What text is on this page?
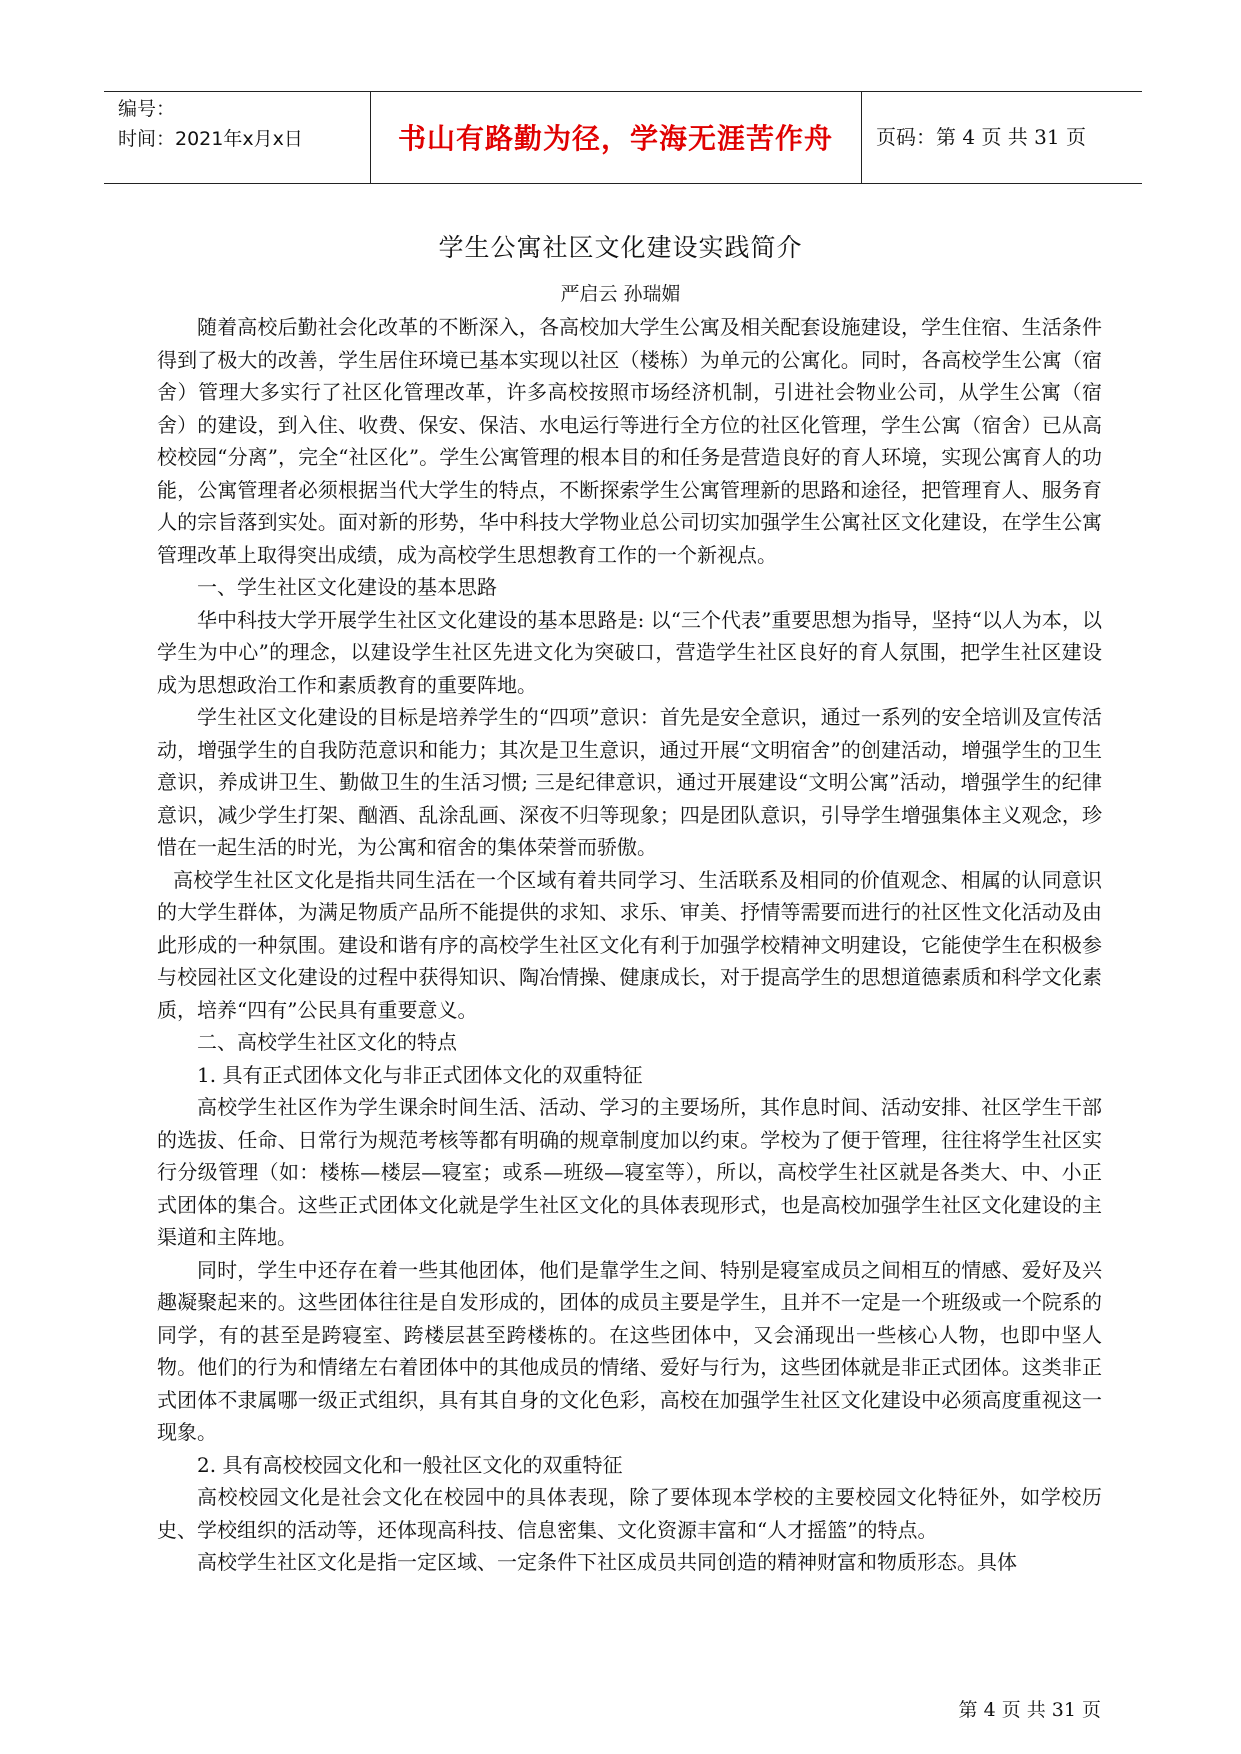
编号：
时间：2021年x月x日	书山有路勤为径，学海无涯苦作舟	页码：第 4 页 共 31 页
学生公寓社区文化建设实践简介
严启云 孙瑞媚

随着高校后勤社会化改革的不断深入，各高校加大学生公寓及相关配套设施建设，学生住宿、生活条件得到了极大的改善，学生居住环境已基本实现以社区（楼栋）为单元的公寓化。同时，各高校学生公寓（宿舍）管理大多实行了社区化管理改革，许多高校按照市场经济机制，引进社会物业公司，从学生公寓（宿舍）的建设，到入住、收费、保安、保洁、水电运行等进行全方位的社区化管理，学生公寓（宿舍）已从高校校园“分离”，完全“社区化”。学生公寓管理的根本目的和任务是营造良好的育人环境，实现公寓育人的功能，公寓管理者必须根据当代大学生的特点，不断探索学生公寓管理新的思路和途径，把管理育人、服务育人的宗旨落到实处。面对新的形势，华中科技大学物业总公司切实加强学生公寓社区文化建设，在学生公寓管理改革上取得突出成绩，成为高校学生思想教育工作的一个新视点。

一、学生社区文化建设的基本思路

华中科技大学开展学生社区文化建设的基本思路是: 以“三个代表”重要思想为指导，坚持“以人为本，以学生为中心”的理念，以建设学生社区先进文化为突破口，营造学生社区良好的育人氛围，把学生社区建设成为思想政治工作和素质教育的重要阵地。

学生社区文化建设的目标是培养学生的“四项”意识：首先是安全意识，通过一系列的安全培训及宣传活动，增强学生的自我防范意识和能力；其次是卫生意识，通过开展“文明宿舍”的创建活动，增强学生的卫生意识，养成讲卫生、勤做卫生的生活习惯; 三是纪律意识，通过开展建设“文明公寓”活动，增强学生的纪律意识，减少学生打架、酗酒、乱涂乱画、深夜不归等现象；四是团队意识，引导学生增强集体主义观念，珍惜在一起生活的时光，为公寓和宿舍的集体荣誉而骄傲。

高校学生社区文化是指共同生活在一个区域有着共同学习、生活联系及相同的价值观念、相属的认同意识的大学生群体，为满足物质产品所不能提供的求知、求乐、审美、抒情等需要而进行的社区性文化活动及由此形成的一种氛围。建设和谐有序的高校学生社区文化有利于加强学校精神文明建设，它能使学生在积极参与校园社区文化建设的过程中获得知识、陶冶情操、健康成长，对于提高学生的思想道德素质和科学文化素质，培养“四有”公民具有重要意义。

二、高校学生社区文化的特点

1. 具有正式团体文化与非正式团体文化的双重特征

高校学生社区作为学生课余时间生活、活动、学习的主要场所，其作息时间、活动安排、社区学生干部的选拔、任命、日常行为规范考核等都有明确的规章制度加以约束。学校为了便于管理，往往将学生社区实行分级管理（如：楼栋—楼层—寝室；或系—班级—寝室等），所以，高校学生社区就是各类大、中、小正式团体的集合。这些正式团体文化就是学生社区文化的具体表现形式，也是高校加强学生社区文化建设的主渠道和主阵地。

同时，学生中还存在着一些其他团体，他们是靠学生之间、特别是寝室成员之间相互的情感、爱好及兴趣凝聚起来的。这些团体往往是自发形成的，团体的成员主要是学生，且并不一定是一个班级或一个院系的同学，有的甚至是跨寝室、跨楼层甚至跨楼栋的。在这些团体中，又会涌现出一些核心人物，也即中坚人物。他们的行为和情绪左右着团体中的其他成员的情绪、爱好与行为，这些团体就是非正式团体。这类非正式团体不隶属哪一级正式组织，具有其自身的文化色彩，高校在加强学生社区文化建设中必须高度重视这一现象。

2. 具有高校校园文化和一般社区文化的双重特征

高校校园文化是社会文化在校园中的具体表现，除了要体现本学校的主要校园文化特征外，如学校历史、学校组织的活动等，还体现高科技、信息密集、文化资源丰富和“人才摇篮”的特点。

高校学生社区文化是指一定区域、一定条件下社区成员共同创造的精神财富和物质形态。具体

第 4 页 共 31 页
